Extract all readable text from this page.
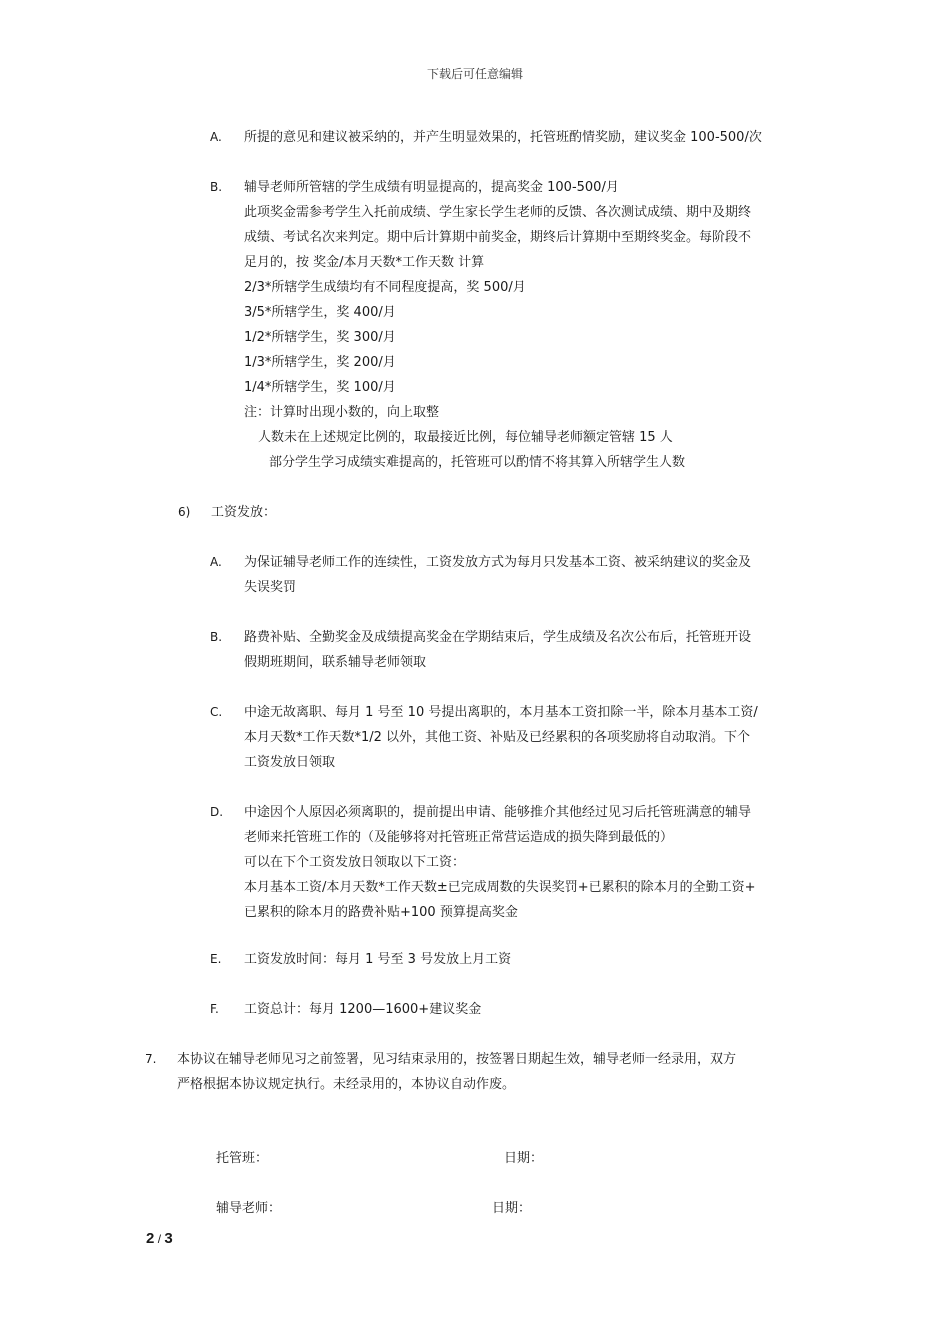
下载后可任意编辑
A. 所提的意见和建议被采纳的，并产生明显效果的，托管班酌情奖励，建议奖金 100-500/次
B. 辅导老师所管辖的学生成绩有明显提高的，提高奖金 100-500/月
此项奖金需参考学生入托前成绩、学生家长学生老师的反馈、各次测试成绩、期中及期终
成绩、考试名次来判定。期中后计算期中前奖金，期终后计算期中至期终奖金。每阶段不
足月的，按 奖金/本月天数*工作天数 计算
2/3*所辖学生成绩均有不同程度提高，奖 500/月
3/5*所辖学生，奖 400/月
1/2*所辖学生，奖 300/月
1/3*所辖学生，奖 200/月
1/4*所辖学生，奖 100/月
注：计算时出现小数的，向上取整
人数未在上述规定比例的，取最接近比例，每位辅导老师额定管辖 15 人
部分学生学习成绩实难提高的，托管班可以酌情不将其算入所辖学生人数
6) 工资发放：
A. 为保证辅导老师工作的连续性，工资发放方式为每月只发基本工资、被采纳建议的奖金及
失误奖罚
B. 路费补贴、全勤奖金及成绩提高奖金在学期结束后，学生成绩及名次公布后，托管班开设
假期班期间，联系辅导老师领取
C. 中途无故离职、每月 1 号至 10 号提出离职的，本月基本工资扣除一半，除本月基本工资/
本月天数*工作天数*1/2 以外，其他工资、补贴及已经累积的各项奖励将自动取消。下个
工资发放日领取
D. 中途因个人原因必须离职的，提前提出申请、能够推介其他经过见习后托管班满意的辅导
老师来托管班工作的（及能够将对托管班正常营运造成的损失降到最低的）
可以在下个工资发放日领取以下工资：
本月基本工资/本月天数*工作天数±已完成周数的失误奖罚+已累积的除本月的全勤工资+
已累积的除本月的路费补贴+100 预算提高奖金
E. 工资发放时间：每月 1 号至 3 号发放上月工资
F. 工资总计：每月 1200—1600+建议奖金
7. 本协议在辅导老师见习之前签署，见习结束录用的，按签署日期起生效，辅导老师一经录用，双方
严格根据本协议规定执行。未经录用的，本协议自动作废。
托管班：	日期：
辅导老师：	日期：
2 / 3
